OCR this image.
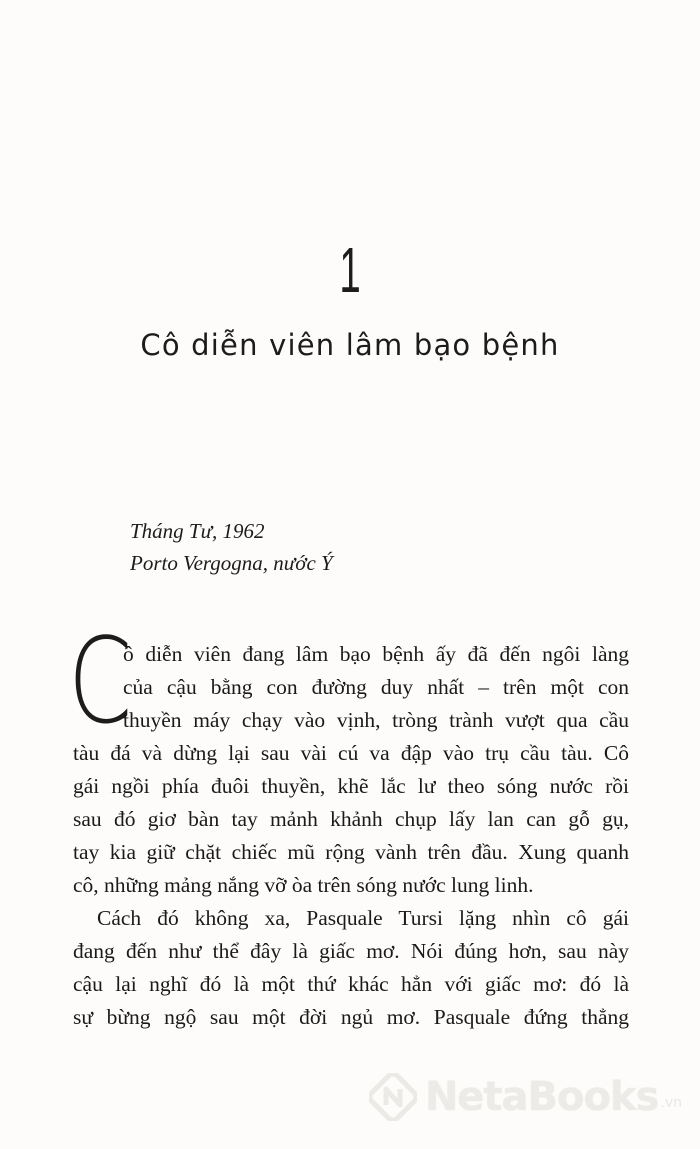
1
Cô diễn viên lâm bạo bệnh
Tháng Tư, 1962
Porto Vergogna, nước Ý
C
ô diễn viên đang lâm bạo bệnh ấy đã đến ngôi làng
của cậu bằng con đường duy nhất – trên một con
thuyền máy chạy vào vịnh, tròng trành vượt qua cầu
tàu đá và dừng lại sau vài cú va đập vào trụ cầu tàu. Cô
gái ngồi phía đuôi thuyền, khẽ lắc lư theo sóng nước rồi
sau đó giơ bàn tay mảnh khảnh chụp lấy lan can gỗ gụ,
tay kia giữ chặt chiếc mũ rộng vành trên đầu. Xung quanh
cô, những mảng nắng vỡ òa trên sóng nước lung linh.
Cách đó không xa, Pasquale Tursi lặng nhìn cô gái
đang đến như thể đây là giấc mơ. Nói đúng hơn, sau này
cậu lại nghĩ đó là một thứ khác hẳn với giấc mơ: đó là
sự bừng ngộ sau một đời ngủ mơ. Pasquale đứng thẳng
NetaBooks .vn
